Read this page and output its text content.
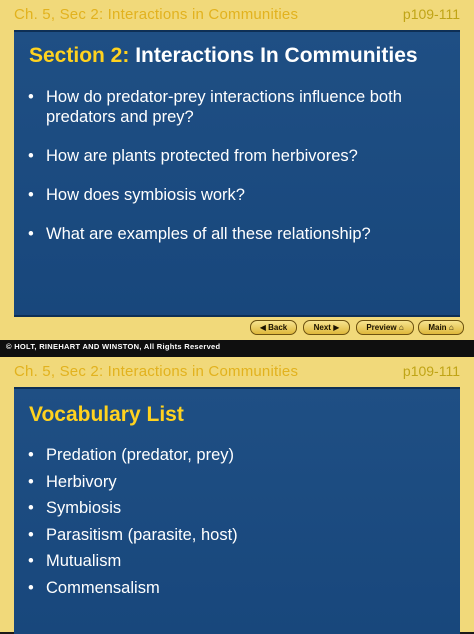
Ch. 5, Sec 2: Interactions in Communities	p109-111
Section 2: Interactions In Communities
• How do predator-prey interactions influence both predators and prey?
• How are plants protected from herbivores?
• How does symbiosis work?
• What are examples of all these relationship?
◀ Back	Next ▶	Preview ⌂	Main ⌂
© HOLT, RINEHART AND WINSTON, All Rights Reserved
Ch. 5, Sec 2: Interactions in Communities	p109-111
Vocabulary List
• Predation (predator, prey)
• Herbivory
• Symbiosis
• Parasitism (parasite, host)
• Mutualism
• Commensalism
